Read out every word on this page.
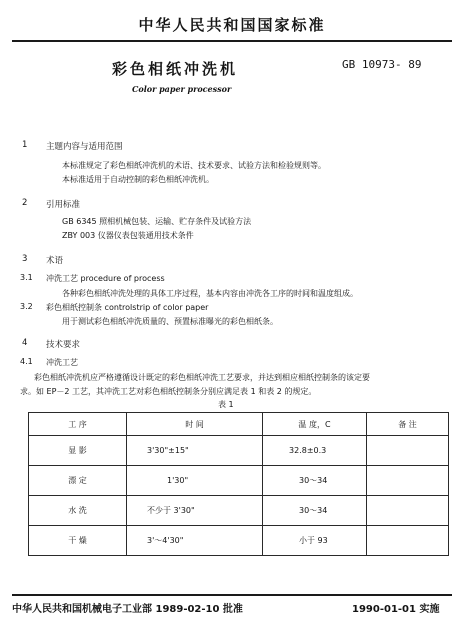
中华人民共和国国家标准
彩色相纸冲洗机	GB 10973- 89
Color paper processor
1 主题内容与适用范围
本标准规定了彩色相纸冲洗机的术语、技术要求、试验方法和检验规则等。
本标准适用于自动控制的彩色相纸冲洗机。
2 引用标准
GB 6345 照相机械包装、运输、贮存条件及试验方法
ZBY 003 仪器仪表包装通用技术条件
3 术语
3.1 冲洗工艺 procedure of process
各种彩色相纸冲洗处理的具体工序过程，基本内容由冲洗各工序的时间和温度组成。
3.2 彩色相纸控制条 controlstrip of color paper
用于测试彩色相纸冲洗质量的、预置标准曝光的彩色相纸条。
4 技术要求
4.1 冲洗工艺
彩色相纸冲洗机应严格遵循设计既定的彩色相纸冲洗工艺要求，并达到相应相纸控制条的该定要
求。如 EP－2 工艺，其冲洗工艺对彩色相纸控制条分别应满足表 1 和表 2 的规定。
表 1
工 序	时 间	温 度，C	备 注
显 影	3'30"±15"	32.8±0.3	
漂 定	1'30"	30～34	
水 洗	不少于 3'30"	30～34	
干 燥	3'～4'30"	小于 93	
中华人民共和国机械电子工业部 1989-02-10 批准	1990-01-01 实施
